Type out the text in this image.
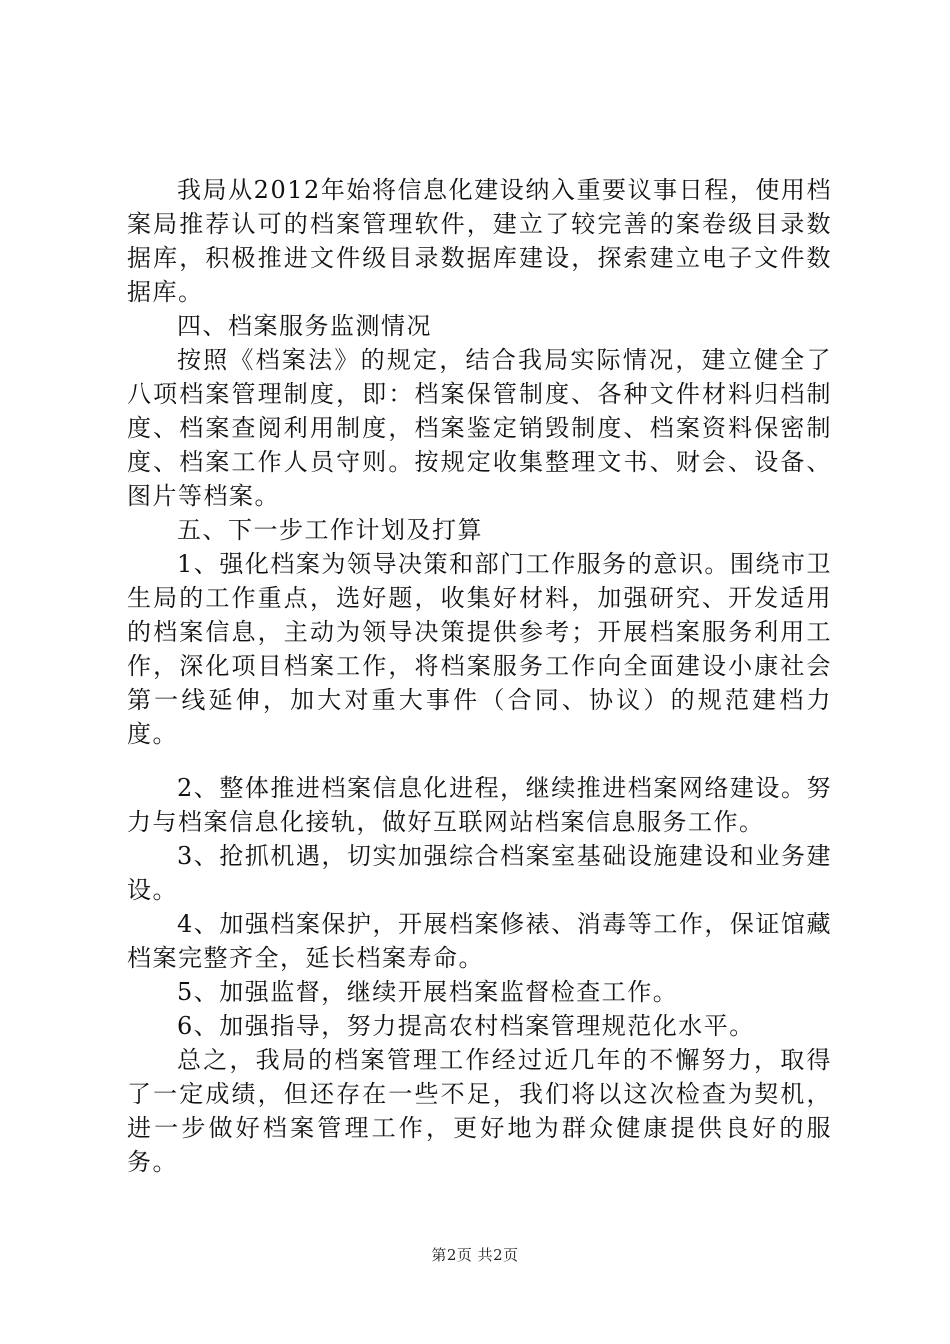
我局从2012年始将信息化建设纳入重要议事日程，使用档案局推荐认可的档案管理软件，建立了较完善的案卷级目录数据库，积极推进文件级目录数据库建设，探索建立电子文件数据库。

四、档案服务监测情况

按照《档案法》的规定，结合我局实际情况，建立健全了八项档案管理制度，即：档案保管制度、各种文件材料归档制度、档案查阅利用制度，档案鉴定销毁制度、档案资料保密制度、档案工作人员守则。按规定收集整理文书、财会、设备、图片等档案。

五、下一步工作计划及打算

1、强化档案为领导决策和部门工作服务的意识。围绕市卫生局的工作重点，选好题，收集好材料，加强研究、开发适用的档案信息，主动为领导决策提供参考；开展档案服务利用工作，深化项目档案工作，将档案服务工作向全面建设小康社会第一线延伸，加大对重大事件（合同、协议）的规范建档力度。

2、整体推进档案信息化进程，继续推进档案网络建设。努力与档案信息化接轨，做好互联网站档案信息服务工作。

3、抢抓机遇，切实加强综合档案室基础设施建设和业务建设。

4、加强档案保护，开展档案修裱、消毒等工作，保证馆藏档案完整齐全，延长档案寿命。

5、加强监督，继续开展档案监督检查工作。

6、加强指导，努力提高农村档案管理规范化水平。

总之，我局的档案管理工作经过近几年的不懈努力，取得了一定成绩，但还存在一些不足，我们将以这次检查为契机，进一步做好档案管理工作，更好地为群众健康提供良好的服务。

第2页 共2页
